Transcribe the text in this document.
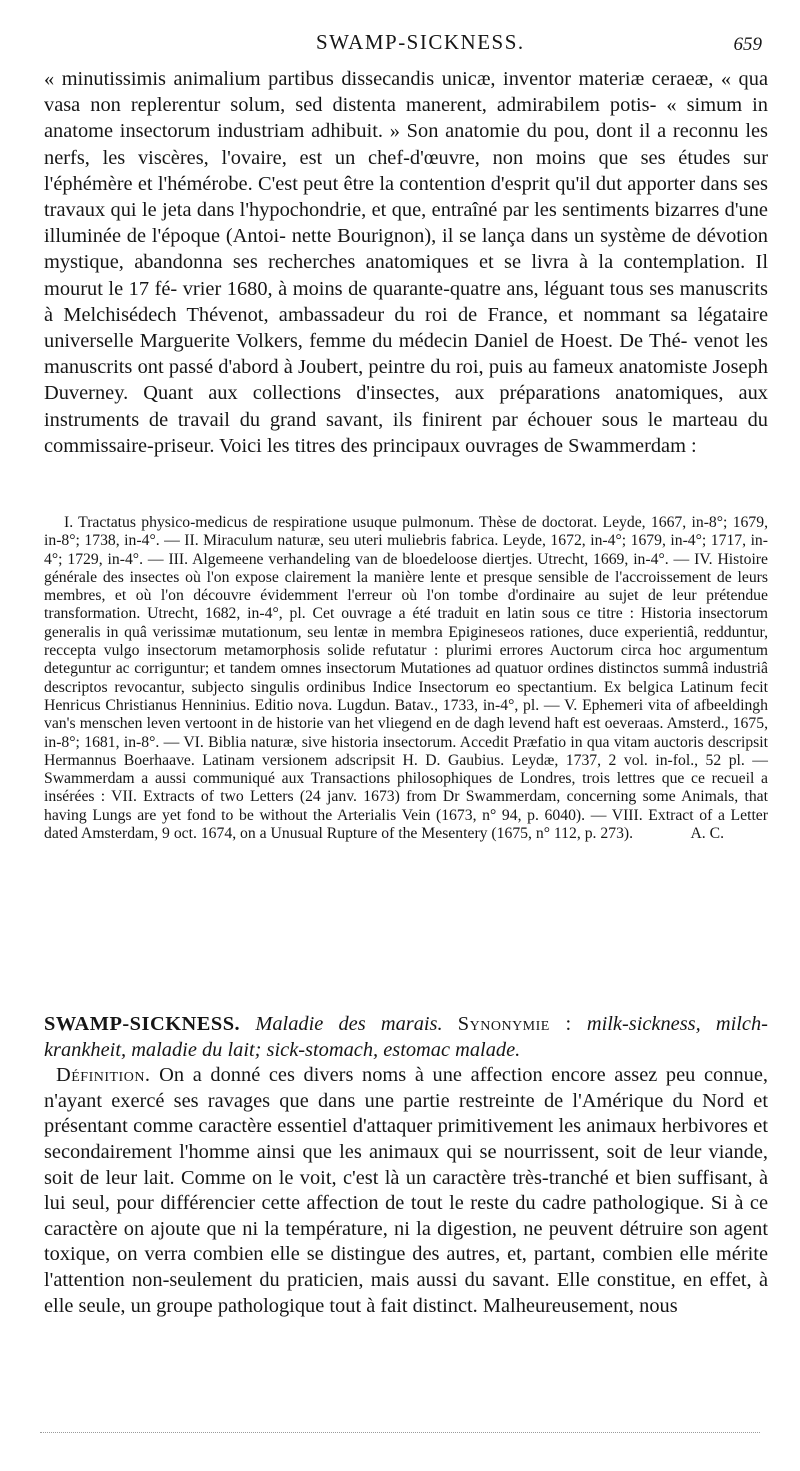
SWAMP-SICKNESS.	659

« minutissimis animalium partibus dissecandis unicæ, inventor materiæ ceraeæ, « qua vasa non replerentur solum, sed distenta manerent, admirabilem potis- « simum in anatome insectorum industriam adhibuit. » Son anatomie du pou, dont il a reconnu les nerfs, les viscères, l'ovaire, est un chef-d'œuvre, non moins que ses études sur l'éphémère et l'hémérobe. C'est peut être la contention d'esprit qu'il dut apporter dans ses travaux qui le jeta dans l'hypochondrie, et que, entraîné par les sentiments bizarres d'une illuminée de l'époque (Antoi- nette Bourignon), il se lança dans un système de dévotion mystique, abandonna ses recherches anatomiques et se livra à la contemplation. Il mourut le 17 fé- vrier 1680, à moins de quarante-quatre ans, léguant tous ses manuscrits à Melchisédech Thévenot, ambassadeur du roi de France, et nommant sa légataire universelle Marguerite Volkers, femme du médecin Daniel de Hoest. De Thé- venot les manuscrits ont passé d'abord à Joubert, peintre du roi, puis au fameux anatomiste Joseph Duverney. Quant aux collections d'insectes, aux préparations anatomiques, aux instruments de travail du grand savant, ils finirent par échouer sous le marteau du commissaire-priseur. Voici les titres des principaux ouvrages de Swammerdam :

I. Tractatus physico-medicus de respiratione usuque pulmonum. Thèse de doctorat. Leyde, 1667, in-8°; 1679, in-8°; 1738, in-4°. — II. Miraculum naturæ, seu uteri muliebris fabrica. Leyde, 1672, in-4°; 1679, in-4°; 1717, in-4°; 1729, in-4°. — III. Algemeene verhandeling van de bloedeloose diertjes. Utrecht, 1669, in-4°. — IV. Histoire générale des insectes où l'on expose clairement la manière lente et presque sensible de l'accroissement de leurs membres, et où l'on découvre évidemment l'erreur où l'on tombe d'ordinaire au sujet de leur prétendue transformation. Utrecht, 1682, in-4°, pl. Cet ouvrage a été traduit en latin sous ce titre : Historia insectorum generalis in quâ verissimæ mutationum, seu lentæ in membra Epigineseos rationes, duce experientiâ, redduntur, reccepta vulgo insectorum metamorphosis solide refutatur : plurimi errores Auctorum circa hoc argumentum deteguntur ac corriguntur; et tandem omnes insectorum Mutationes ad quatuor ordines distinctos summâ industriâ descriptos revocantur, subjecto singulis ordinibus Indice Insectorum eo spectantium. Ex belgica Latinum fecit Henricus Christianus Henninius. Editio nova. Lugdun. Batav., 1733, in-4°, pl. — V. Ephemeri vita of afbeeldingh van's menschen leven vertoont in de historie van het vliegend en de dagh levend haft est oeveraas. Amsterd., 1675, in-8°; 1681, in-8°. — VI. Biblia naturæ, sive historia insectorum. Accedit Præfatio in qua vitam auctoris descripsit Hermannus Boerhaave. Latinam versionem adscripsit H. D. Gaubius. Leydæ, 1737, 2 vol. in-fol., 52 pl. — Swammerdam a aussi communiqué aux Transactions philosophiques de Londres, trois lettres que ce recueil a insérées : VII. Extracts of two Letters (24 janv. 1673) from Dr Swammerdam, concerning some Animals, that having Lungs are yet fond to be without the Arterialis Vein (1673, n° 94, p. 6040). — VIII. Extract of a Letter dated Amsterdam, 9 oct. 1674, on a Unusual Rupture of the Mesentery (1675, n° 112, p. 273).	A. C.

SWAMP-SICKNESS. Maladie des marais. Synonymie : milk-sickness, milch-krankheit, maladie du lait; sick-stomach, estomac malade.

Définition. On a donné ces divers noms à une affection encore assez peu connue, n'ayant exercé ses ravages que dans une partie restreinte de l'Amérique du Nord et présentant comme caractère essentiel d'attaquer primitivement les animaux herbivores et secondairement l'homme ainsi que les animaux qui se nourrissent, soit de leur viande, soit de leur lait. Comme on le voit, c'est là un caractère très-tranché et bien suffisant, à lui seul, pour différencier cette affection de tout le reste du cadre pathologique. Si à ce caractère on ajoute que ni la température, ni la digestion, ne peuvent détruire son agent toxique, on verra combien elle se distingue des autres, et, partant, combien elle mérite l'attention non-seulement du praticien, mais aussi du savant. Elle constitue, en effet, à elle seule, un groupe pathologique tout à fait distinct. Malheureusement, nous
